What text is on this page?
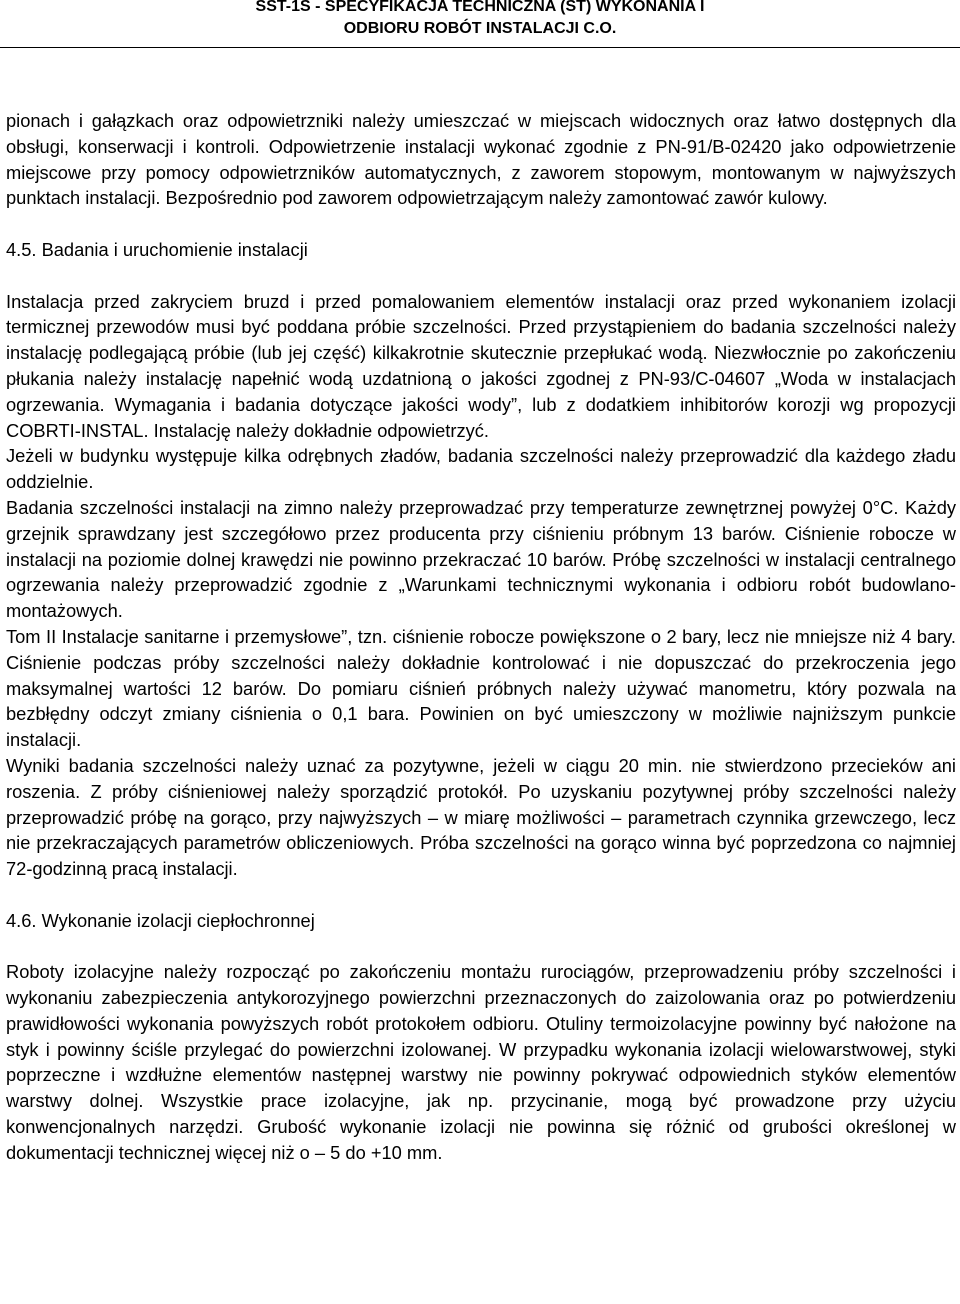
SST-1S - SPECYFIKACJA TECHNICZNA (ST) WYKONANIA I
ODBIORU ROBÓT INSTALACJI C.O.

pionach i gałązkach oraz odpowietrzniki należy umieszczać w miejscach widocznych oraz łatwo dostępnych dla obsługi, konserwacji i kontroli. Odpowietrzenie instalacji wykonać zgodnie z PN-91/B-02420 jako odpowietrzenie miejscowe przy pomocy odpowietrzników automatycznych, z zaworem stopowym, montowanym w najwyższych punktach instalacji. Bezpośrednio pod zaworem odpowietrzającym należy zamontować zawór kulowy.

4.5. Badania i uruchomienie instalacji

Instalacja przed zakryciem bruzd i przed pomalowaniem elementów instalacji oraz przed wykonaniem izolacji termicznej przewodów musi być poddana próbie szczelności. Przed przystąpieniem do badania szczelności należy instalację podlegającą próbie (lub jej część) kilkakrotnie skutecznie przepłukać wodą. Niezwłocznie po zakończeniu płukania należy instalację napełnić wodą uzdatnioną o jakości zgodnej z PN-93/C-04607 „Woda w instalacjach ogrzewania. Wymagania i badania dotyczące jakości wody”, lub z dodatkiem inhibitorów korozji wg propozycji COBRTI-INSTAL. Instalację należy dokładnie odpowietrzyć.

Jeżeli w budynku występuje kilka odrębnych zładów, badania szczelności należy przeprowadzić dla każdego zładu oddzielnie.

Badania szczelności instalacji na zimno należy przeprowadzać przy temperaturze zewnętrznej powyżej 0°C. Każdy grzejnik sprawdzany jest szczegółowo przez producenta przy ciśnieniu próbnym 13 barów. Ciśnienie robocze w instalacji na poziomie dolnej krawędzi nie powinno przekraczać 10 barów. Próbę szczelności w instalacji centralnego ogrzewania należy przeprowadzić zgodnie z „Warunkami technicznymi wykonania i odbioru robót budowlano-montażowych.

Tom II Instalacje sanitarne i przemysłowe”, tzn. ciśnienie robocze powiększone o 2 bary, lecz nie mniejsze niż 4 bary. Ciśnienie podczas próby szczelności należy dokładnie kontrolować i nie dopuszczać do przekroczenia jego maksymalnej wartości 12 barów. Do pomiaru ciśnień próbnych należy używać manometru, który pozwala na bezbłędny odczyt zmiany ciśnienia o 0,1 bara. Powinien on być umieszczony w możliwie najniższym punkcie instalacji.

Wyniki badania szczelności należy uznać za pozytywne, jeżeli w ciągu 20 min. nie stwierdzono przecieków ani roszenia. Z próby ciśnieniowej należy sporządzić protokół. Po uzyskaniu pozytywnej próby szczelności należy przeprowadzić próbę na gorąco, przy najwyższych – w miarę możliwości – parametrach czynnika grzewczego, lecz nie przekraczających parametrów obliczeniowych. Próba szczelności na gorąco winna być poprzedzona co najmniej 72-godzinną pracą instalacji.

4.6. Wykonanie izolacji ciepłochronnej

Roboty izolacyjne należy rozpocząć po zakończeniu montażu rurociągów, przeprowadzeniu próby szczelności i wykonaniu zabezpieczenia antykorozyjnego powierzchni przeznaczonych do zaizolowania oraz po potwierdzeniu prawidłowości wykonania powyższych robót protokołem odbioru. Otuliny termoizolacyjne powinny być nałożone na styk i powinny ściśle przylegać do powierzchni izolowanej. W przypadku wykonania izolacji wielowarstwowej, styki poprzeczne i wzdłużne elementów następnej warstwy nie powinny pokrywać odpowiednich styków elementów warstwy dolnej. Wszystkie prace izolacyjne, jak np. przycinanie, mogą być prowadzone przy użyciu konwencjonalnych narzędzi. Grubość wykonanie izolacji nie powinna się różnić od grubości określonej w dokumentacji technicznej więcej niż o – 5 do +10 mm.
